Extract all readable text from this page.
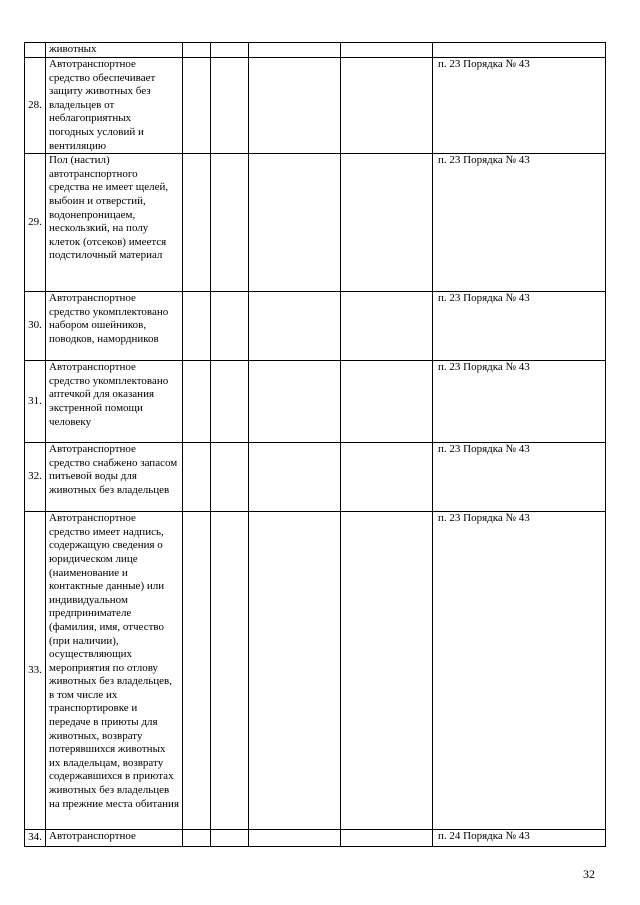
	животных					
28.	Автотранспортное средство обеспечивает защиту животных без владельцев от неблагоприятных погодных условий и вентиляцию					п. 23 Порядка № 43
29.	Пол (настил) автотранспортного средства не имеет щелей, выбоин и отверстий, водонепроницаем, нескользкий, на полу клеток (отсеков) имеется подстилочный материал					п. 23 Порядка № 43
30.	Автотранспортное средство укомплектовано набором ошейников, поводков, намордников					п. 23 Порядка № 43
31.	Автотранспортное средство укомплектовано аптечкой для оказания экстренной помощи человеку					п. 23 Порядка № 43
32.	Автотранспортное средство снабжено запасом питьевой воды для животных без владельцев					п. 23 Порядка № 43
33.	Автотранспортное средство имеет надпись, содержащую сведения о юридическом лице (наименование и контактные данные) или индивидуальном предпринимателе (фамилия, имя, отчество (при наличии), осуществляющих мероприятия по отлову животных без владельцев, в том числе их транспортировке и передаче в приюты для животных, возврату потерявшихся животных их владельцам, возврату содержавшихся в приютах животных без владельцев на прежние места обитания					п. 23 Порядка № 43
34.	Автотранспортное					п. 24 Порядка № 43
32
